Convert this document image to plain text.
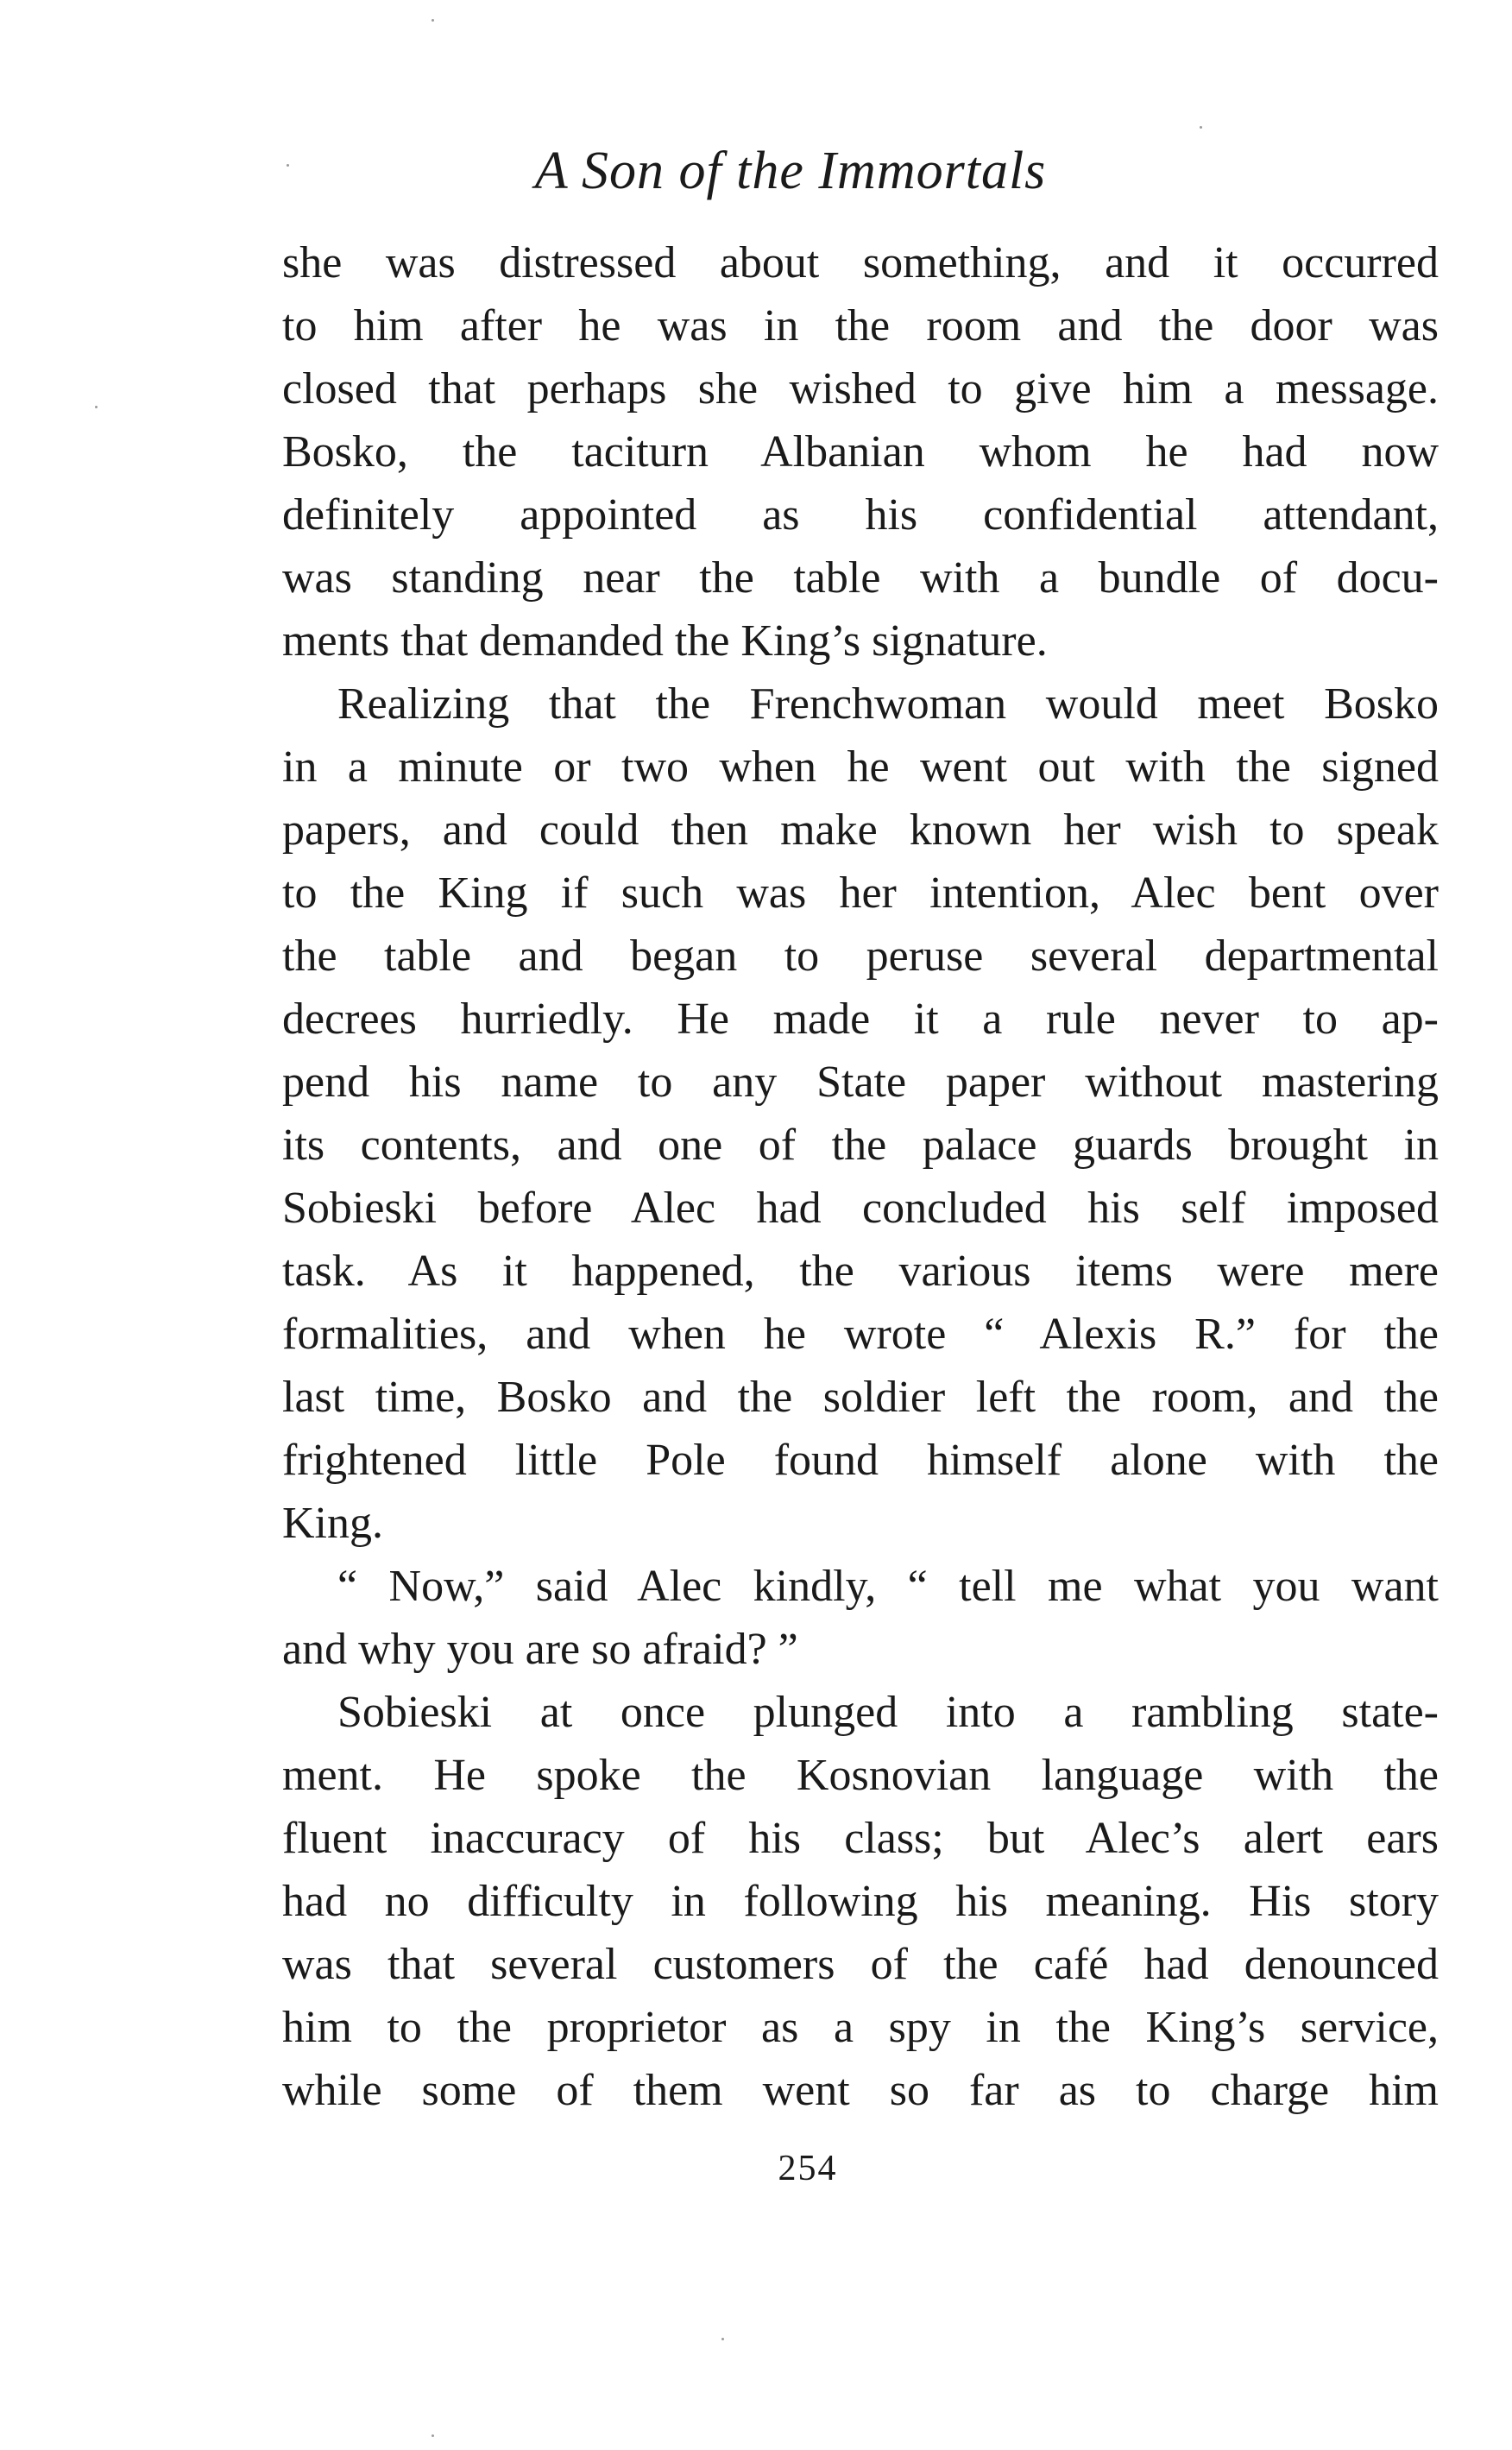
A Son of the Immortals
she was distressed about something, and it occurred
to him after he was in the room and the door was
closed that perhaps she wished to give him a message.
Bosko, the taciturn Albanian whom he had now
definitely appointed as his confidential attendant,
was standing near the table with a bundle of docu-
ments that demanded the King’s signature.
Realizing that the Frenchwoman would meet Bosko
in a minute or two when he went out with the signed
papers, and could then make known her wish to speak
to the King if such was her intention, Alec bent over
the table and began to peruse several departmental
decrees hurriedly. He made it a rule never to ap-
pend his name to any State paper without mastering
its contents, and one of the palace guards brought in
Sobieski before Alec had concluded his self imposed
task. As it happened, the various items were mere
formalities, and when he wrote “ Alexis R.” for the
last time, Bosko and the soldier left the room, and the
frightened little Pole found himself alone with the
King.
“ Now,” said Alec kindly, “ tell me what you want
and why you are so afraid? ”
Sobieski at once plunged into a rambling state-
ment. He spoke the Kosnovian language with the
fluent inaccuracy of his class; but Alec’s alert ears
had no difficulty in following his meaning. His story
was that several customers of the café had denounced
him to the proprietor as a spy in the King’s service,
while some of them went so far as to charge him
254
